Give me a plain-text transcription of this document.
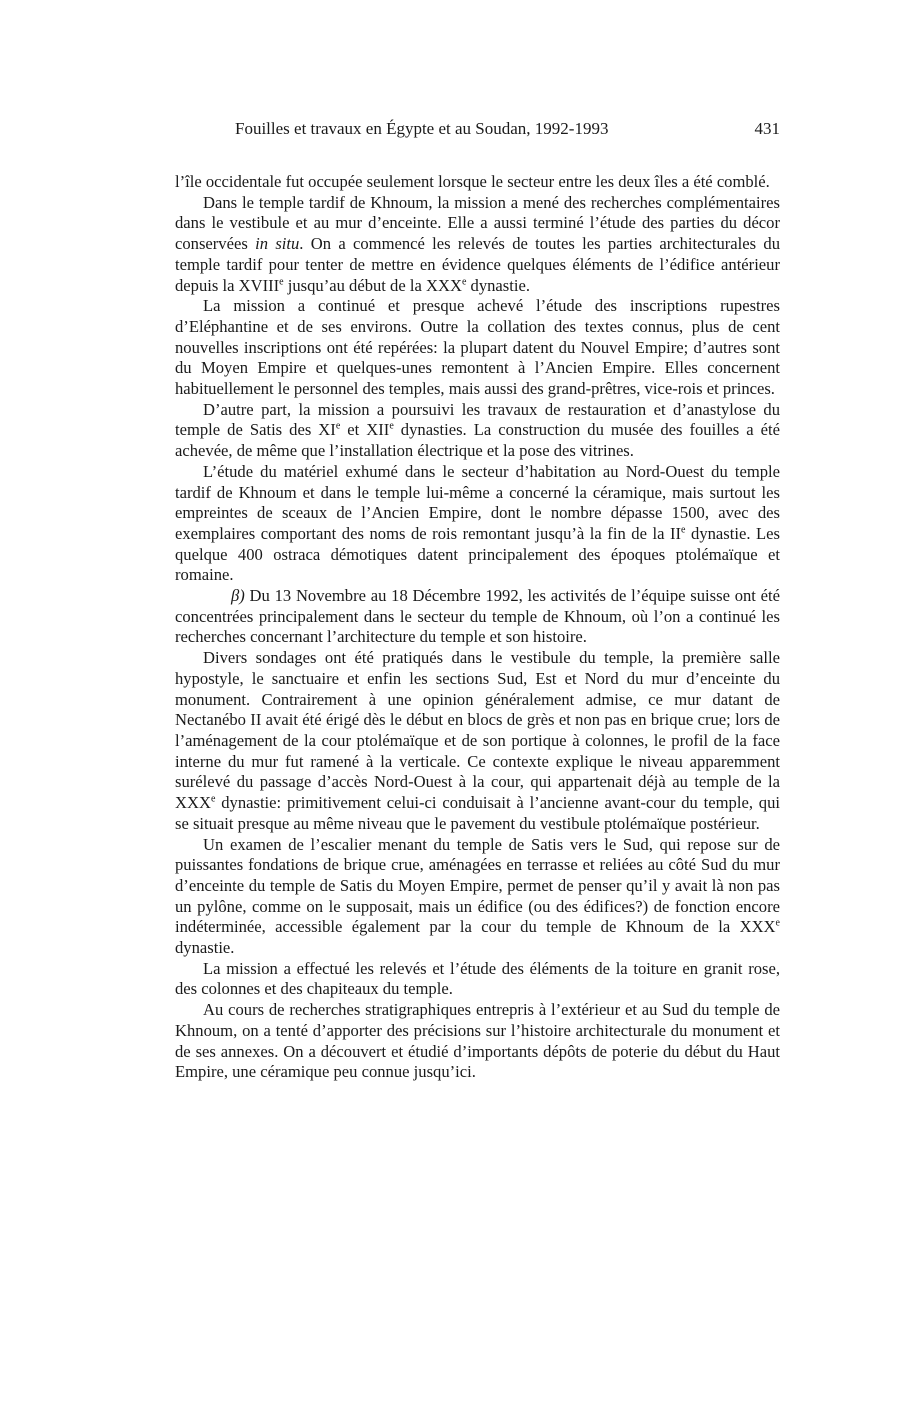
Fouilles et travaux en Égypte et au Soudan, 1992-1993	431

l’île occidentale fut occupée seulement lorsque le secteur entre les deux îles a été comblé.

Dans le temple tardif de Khnoum, la mission a mené des recherches complémentaires dans le vestibule et au mur d’enceinte. Elle a aussi terminé l’étude des parties du décor conservées in situ. On a commencé les relevés de toutes les parties architecturales du temple tardif pour tenter de mettre en évidence quelques éléments de l’édifice antérieur depuis la XVIIIe jusqu’au début de la XXXe dynastie.

La mission a continué et presque achevé l’étude des inscriptions rupestres d’Eléphantine et de ses environs. Outre la collation des textes connus, plus de cent nouvelles inscriptions ont été repérées: la plupart datent du Nouvel Empire; d’autres sont du Moyen Empire et quelques-unes remontent à l’Ancien Empire. Elles concernent habituellement le personnel des temples, mais aussi des grand-prêtres, vice-rois et princes.

D’autre part, la mission a poursuivi les travaux de restauration et d’anastylose du temple de Satis des XIe et XIIe dynasties. La construction du musée des fouilles a été achevée, de même que l’installation électrique et la pose des vitrines.

L’étude du matériel exhumé dans le secteur d’habitation au Nord-Ouest du temple tardif de Khnoum et dans le temple lui-même a concerné la céramique, mais surtout les empreintes de sceaux de l’Ancien Empire, dont le nombre dépasse 1500, avec des exemplaires comportant des noms de rois remontant jusqu’à la fin de la IIe dynastie. Les quelque 400 ostraca démotiques datent principalement des époques ptolémaïque et romaine.

β) Du 13 Novembre au 18 Décembre 1992, les activités de l’équipe suisse ont été concentrées principalement dans le secteur du temple de Khnoum, où l’on a continué les recherches concernant l’architecture du temple et son histoire.

Divers sondages ont été pratiqués dans le vestibule du temple, la première salle hypostyle, le sanctuaire et enfin les sections Sud, Est et Nord du mur d’enceinte du monument. Contrairement à une opinion généralement admise, ce mur datant de Nectanébo II avait été érigé dès le début en blocs de grès et non pas en brique crue; lors de l’aménagement de la cour ptolémaïque et de son portique à colonnes, le profil de la face interne du mur fut ramené à la verticale. Ce contexte explique le niveau apparemment surélevé du passage d’accès Nord-Ouest à la cour, qui appartenait déjà au temple de la XXXe dynastie: primitivement celui-ci conduisait à l’ancienne avant-cour du temple, qui se situait presque au même niveau que le pavement du vestibule ptolémaïque postérieur.

Un examen de l’escalier menant du temple de Satis vers le Sud, qui repose sur de puissantes fondations de brique crue, aménagées en terrasse et reliées au côté Sud du mur d’enceinte du temple de Satis du Moyen Empire, permet de penser qu’il y avait là non pas un pylône, comme on le supposait, mais un édifice (ou des édifices?) de fonction encore indéterminée, accessible également par la cour du temple de Khnoum de la XXXe dynastie.

La mission a effectué les relevés et l’étude des éléments de la toiture en granit rose, des colonnes et des chapiteaux du temple.

Au cours de recherches stratigraphiques entrepris à l’extérieur et au Sud du temple de Khnoum, on a tenté d’apporter des précisions sur l’histoire architecturale du monument et de ses annexes. On a découvert et étudié d’importants dépôts de poterie du début du Haut Empire, une céramique peu connue jusqu’ici.
